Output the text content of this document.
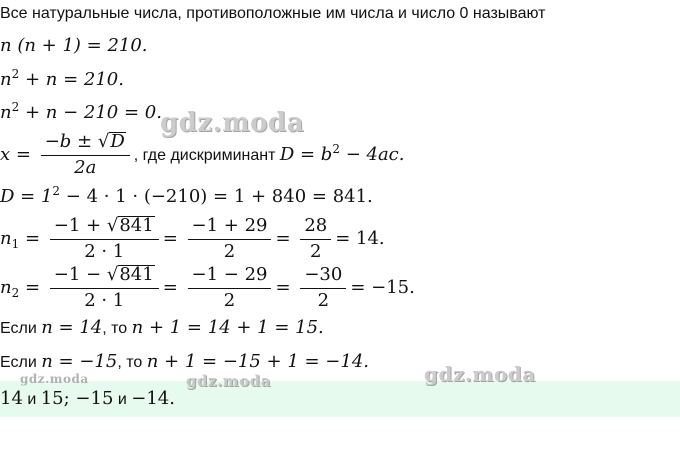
Все натуральные числа, противоположные им числа и число 0 называют
n (n + 1) = 210.
$n^2 + n = 210$.
$n^2 + n - 210 = 0$.
$x = \frac{-b \pm √D}{2a}$ , где дискриминант $D = b^2 - 4ac$.
$D = 1^2 - 4 \cdot 1 \cdot (-210) = 1 + 840 = 841$.
$n_1 = \frac{-1 + √841}{2 \cdot 1} = \frac{-1 + 29}{2} = \frac{28}{2} = 14$.
$n_2 = \frac{-1 - √841}{2 \cdot 1} = \frac{-1 - 29}{2} = \frac{-30}{2} = -15$.
Если n = 14, то n + 1 = 14 + 1 = 15.
Если n = −15, то n + 1 = −15 + 1 = −14.
14 и 15; −15 и −14.
gdz.moda
gdz.moda
gdz.moda
gdz.moda
